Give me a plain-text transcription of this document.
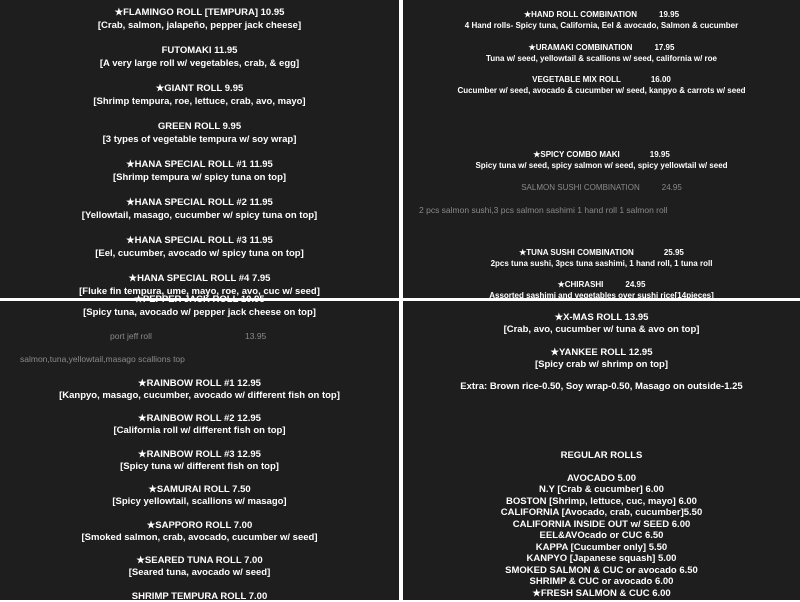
★FLAMINGO ROLL [TEMPURA] 10.95
[Crab, salmon, jalapeño, pepper jack cheese]
FUTOMAKI 11.95
[A very large roll w/ vegetables, crab, & egg]
★GIANT ROLL 9.95
[Shrimp tempura, roe, lettuce, crab, avo, mayo]
GREEN ROLL 9.95
[3 types of vegetable tempura w/ soy wrap]
★HANA SPECIAL ROLL #1 11.95
[Shrimp tempura w/ spicy tuna on top]
★HANA SPECIAL ROLL #2 11.95
[Yellowtail, masago, cucumber w/ spicy tuna on top]
★HANA SPECIAL ROLL #3 11.95
[Eel, cucumber, avocado w/ spicy tuna on top]
★HANA SPECIAL ROLL #4 7.95
[Fluke fin tempura, ume, mayo, roe, avo, cuc w/ seed]
★HAND ROLL COMBINATION	19.95
4 Hand rolls- Spicy tuna, California, Eel & avocado, Salmon & cucumber
★URAMAKI COMBINATION	17.95
Tuna w/ seed, yellowtail & scallions w/ seed, california w/ roe
VEGETABLE MIX ROLL	16.00
Cucumber w/ seed, avocado & cucumber w/ seed, kanpyo & carrots w/ seed
★SPICY COMBO MAKI	19.95
Spicy tuna w/ seed, spicy salmon w/ seed, spicy yellowtail w/ seed
SALMON SUSHI COMBINATION	24.95
2 pcs salmon sushi,3 pcs salmon sashimi 1 hand roll 1 salmon roll
★TUNA SUSHI COMBINATION	25.95
2pcs tuna sushi, 3pcs tuna sashimi, 1 hand roll, 1 tuna roll
★CHIRASHI	24.95
Assorted sashimi and vegetables over sushi rice[14pieces]
★PEPPER JACK ROLL 10.95
[Spicy tuna, avocado w/ pepper jack cheese on top]
port jeff roll	13.95
salmon,tuna,yellowtail,masago scallions top
★RAINBOW ROLL #1 12.95
[Kanpyo, masago, cucumber, avocado w/ different fish on top]
★RAINBOW ROLL #2 12.95
[California roll w/ different fish on top]
★RAINBOW ROLL #3 12.95
[Spicy tuna w/ different fish on top]
★SAMURAI ROLL 7.50
[Spicy yellowtail, scallions w/ masago]
★SAPPORO ROLL 7.00
[Smoked salmon, crab, avocado, cucumber w/ seed]
★SEARED TUNA ROLL 7.00
[Seared tuna, avocado w/ seed]
SHRIMP TEMPURA ROLL 7.00
★X-MAS ROLL 13.95
[Crab, avo, cucumber w/ tuna & avo on top]
★YANKEE ROLL 12.95
[Spicy crab w/ shrimp on top]
Extra: Brown rice-0.50, Soy wrap-0.50, Masago on outside-1.25
REGULAR ROLLS
AVOCADO 5.00
N.Y [Crab & cucumber] 6.00
BOSTON [Shrimp, lettuce, cuc, mayo] 6.00
CALIFORNIA [Avocado, crab, cucumber]5.50
CALIFORNIA INSIDE OUT w/ SEED 6.00
EEL&AVOcado or CUC 6.50
KAPPA [Cucumber only] 5.50
KANPYO [Japanese squash] 5.00
SMOKED SALMON & CUC or avocado 6.50
SHRIMP & CUC or avocado 6.00
★FRESH SALMON & CUC 6.00
